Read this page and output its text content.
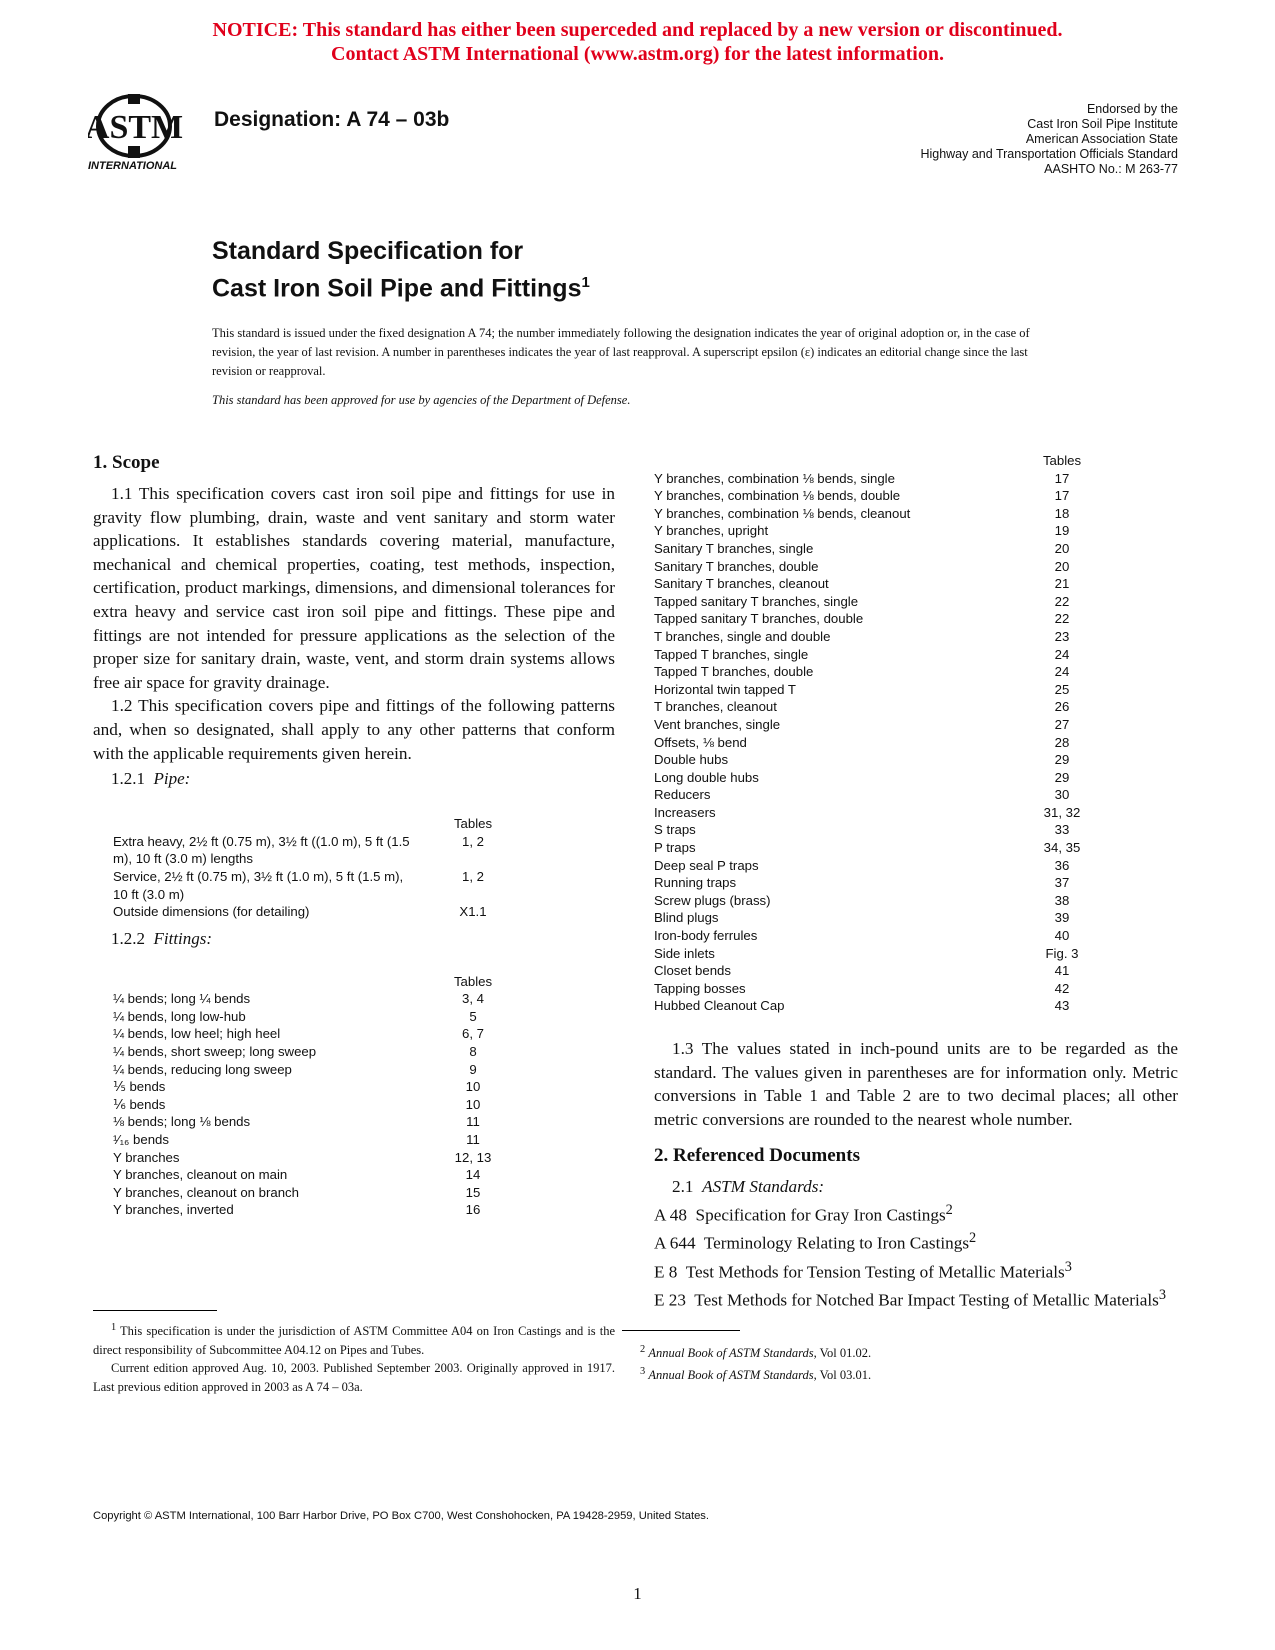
NOTICE: This standard has either been superceded and replaced by a new version or discontinued.
Contact ASTM International (www.astm.org) for the latest information.
ASTM
INTERNATIONAL
Designation: A 74 – 03b	Endorsed by the
Cast Iron Soil Pipe Institute
American Association State
Highway and Transportation Officials Standard
AASHTO No.: M 263-77
Standard Specification for
Cast Iron Soil Pipe and Fittings$^1$
This standard is issued under the fixed designation A 74; the number immediately following the designation indicates the year of original adoption or, in the case of revision, the year of last revision. A number in parentheses indicates the year of last reapproval. A superscript epsilon (ε) indicates an editorial change since the last revision or reapproval.
This standard has been approved for use by agencies of the Department of Defense.
1. Scope

1.1 This specification covers cast iron soil pipe and fittings for use in gravity flow plumbing, drain, waste and vent sanitary and storm water applications. It establishes standards covering material, manufacture, mechanical and chemical properties, coating, test methods, inspection, certification, product markings, dimensions, and dimensional tolerances for extra heavy and service cast iron soil pipe and fittings. These pipe and fittings are not intended for pressure applications as the selection of the proper size for sanitary drain, waste, vent, and storm drain systems allows free air space for gravity drainage.

1.2 This specification covers pipe and fittings of the following patterns and, when so designated, shall apply to any other patterns that conform with the applicable requirements given herein.

1.2.1 Pipe:
	Tables
Extra heavy, 2½ ft (0.75 m), 3½ ft ((1.0 m), 5 ft (1.5 m), 10 ft (3.0 m) lengths	1, 2
Service, 2½ ft (0.75 m), 3½ ft (1.0 m), 5 ft (1.5 m), 10 ft (3.0 m)	1, 2
Outside dimensions (for detailing)	X1.1
1.2.2 Fittings:
	Tables
¼ bends; long ¼ bends	3, 4
¼ bends, long low-hub	5
¼ bends, low heel; high heel	6, 7
¼ bends, short sweep; long sweep	8
¼ bends, reducing long sweep	9
⅕ bends	10
⅙ bends	10
⅛ bends; long ⅛ bends	11
¹⁄₁₆ bends	11
Y branches	12, 13
Y branches, cleanout on main	14
Y branches, cleanout on branch	15
Y branches, inverted	16
$^1$ This specification is under the jurisdiction of ASTM Committee A04 on Iron Castings and is the direct responsibility of Subcommittee A04.12 on Pipes and Tubes.
Current edition approved Aug. 10, 2003. Published September 2003. Originally approved in 1917. Last previous edition approved in 2003 as A 74 – 03a.
	Tables
Y branches, combination ⅛ bends, single	17
Y branches, combination ⅛ bends, double	17
Y branches, combination ⅛ bends, cleanout	18
Y branches, upright	19
Sanitary T branches, single	20
Sanitary T branches, double	20
Sanitary T branches, cleanout	21
Tapped sanitary T branches, single	22
Tapped sanitary T branches, double	22
T branches, single and double	23
Tapped T branches, single	24
Tapped T branches, double	24
Horizontal twin tapped T	25
T branches, cleanout	26
Vent branches, single	27
Offsets, ⅛ bend	28
Double hubs	29
Long double hubs	29
Reducers	30
Increasers	31, 32
S traps	33
P traps	34, 35
Deep seal P traps	36
Running traps	37
Screw plugs (brass)	38
Blind plugs	39
Iron-body ferrules	40
Side inlets	Fig. 3
Closet bends	41
Tapping bosses	42
Hubbed Cleanout Cap	43

1.3 The values stated in inch-pound units are to be regarded as the standard. The values given in parentheses are for information only. Metric conversions in Table 1 and Table 2 are to two decimal places; all other metric conversions are rounded to the nearest whole number.

2. Referenced Documents
2.1 ASTM Standards:
A 48 Specification for Gray Iron Castings$^2$
A 644 Terminology Relating to Iron Castings$^2$
E 8 Test Methods for Tension Testing of Metallic Materials$^3$
E 23 Test Methods for Notched Bar Impact Testing of Metallic Materials$^3$
$^2$ Annual Book of ASTM Standards, Vol 01.02.
$^3$ Annual Book of ASTM Standards, Vol 03.01.
Copyright © ASTM International, 100 Barr Harbor Drive, PO Box C700, West Conshohocken, PA 19428-2959, United States.
1
